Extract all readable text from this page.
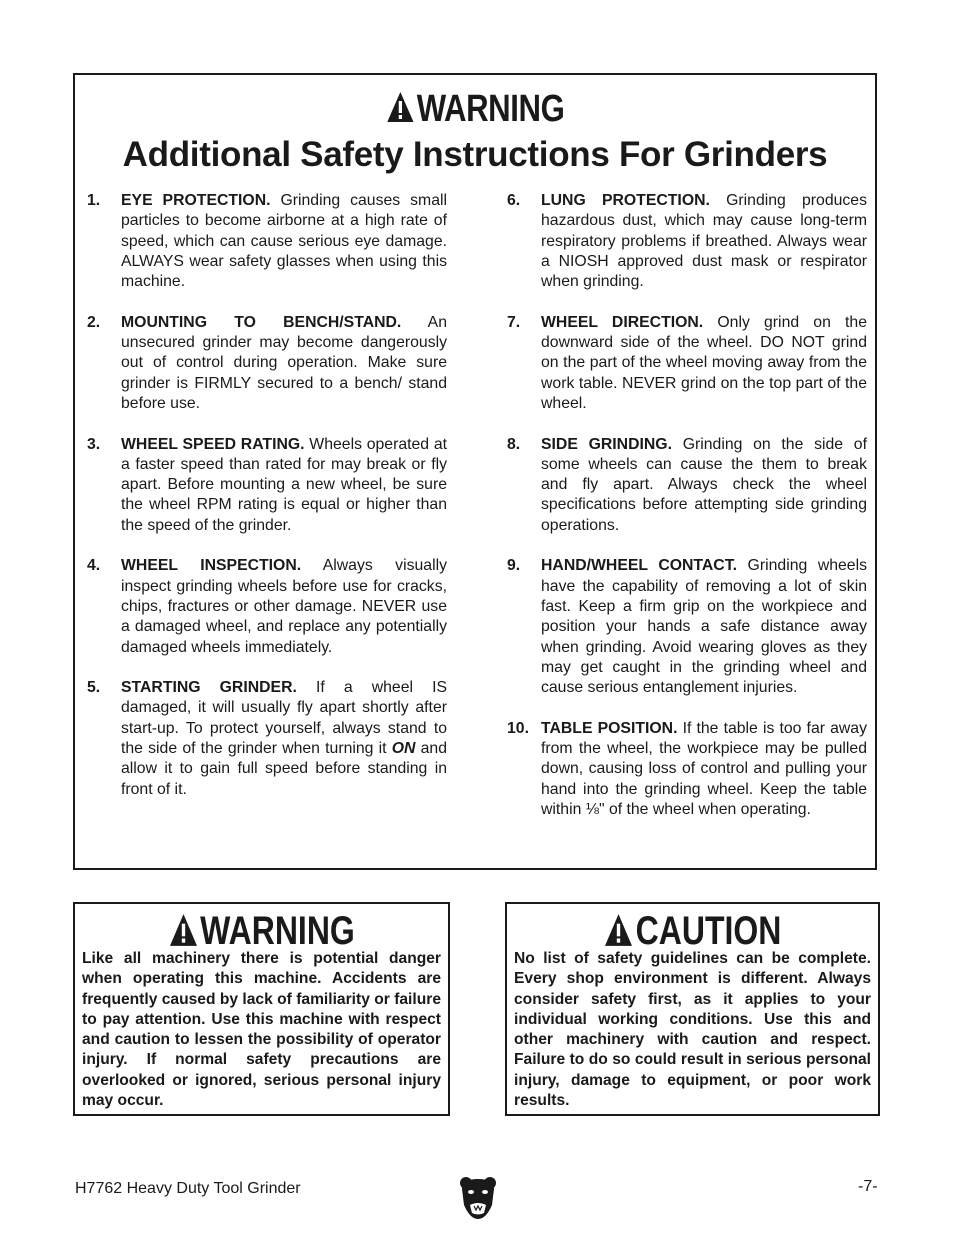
WARNING
Additional Safety Instructions For Grinders
1. EYE PROTECTION. Grinding causes small particles to become airborne at a high rate of speed, which can cause serious eye damage. ALWAYS wear safety glasses when using this machine.
2. MOUNTING TO BENCH/STAND. An unsecured grinder may become dangerously out of control during operation. Make sure grinder is FIRMLY secured to a bench/ stand before use.
3. WHEEL SPEED RATING. Wheels operated at a faster speed than rated for may break or fly apart. Before mounting a new wheel, be sure the wheel RPM rating is equal or higher than the speed of the grinder.
4. WHEEL INSPECTION. Always visually inspect grinding wheels before use for cracks, chips, fractures or other damage. NEVER use a damaged wheel, and replace any potentially damaged wheels immediately.
5. STARTING GRINDER. If a wheel IS damaged, it will usually fly apart shortly after start-up. To protect yourself, always stand to the side of the grinder when turning it ON and allow it to gain full speed before standing in front of it.
6. LUNG PROTECTION. Grinding produces hazardous dust, which may cause long-term respiratory problems if breathed. Always wear a NIOSH approved dust mask or respirator when grinding.
7. WHEEL DIRECTION. Only grind on the downward side of the wheel. DO NOT grind on the part of the wheel moving away from the work table. NEVER grind on the top part of the wheel.
8. SIDE GRINDING. Grinding on the side of some wheels can cause the them to break and fly apart. Always check the wheel specifications before attempting side grinding operations.
9. HAND/WHEEL CONTACT. Grinding wheels have the capability of removing a lot of skin fast. Keep a firm grip on the workpiece and position your hands a safe distance away when grinding. Avoid wearing gloves as they may get caught in the grinding wheel and cause serious entanglement injuries.
10. TABLE POSITION. If the table is too far away from the wheel, the workpiece may be pulled down, causing loss of control and pulling your hand into the grinding wheel. Keep the table within ⅛" of the wheel when operating.
WARNING
Like all machinery there is potential danger when operating this machine. Accidents are frequently caused by lack of familiarity or failure to pay attention. Use this machine with respect and caution to lessen the possibility of operator injury. If normal safety precautions are overlooked or ignored, serious personal injury may occur.
CAUTION
No list of safety guidelines can be complete. Every shop environment is different. Always consider safety first, as it applies to your individual working conditions. Use this and other machinery with caution and respect. Failure to do so could result in serious personal injury, damage to equipment, or poor work results.
H7762 Heavy Duty Tool Grinder	-7-
